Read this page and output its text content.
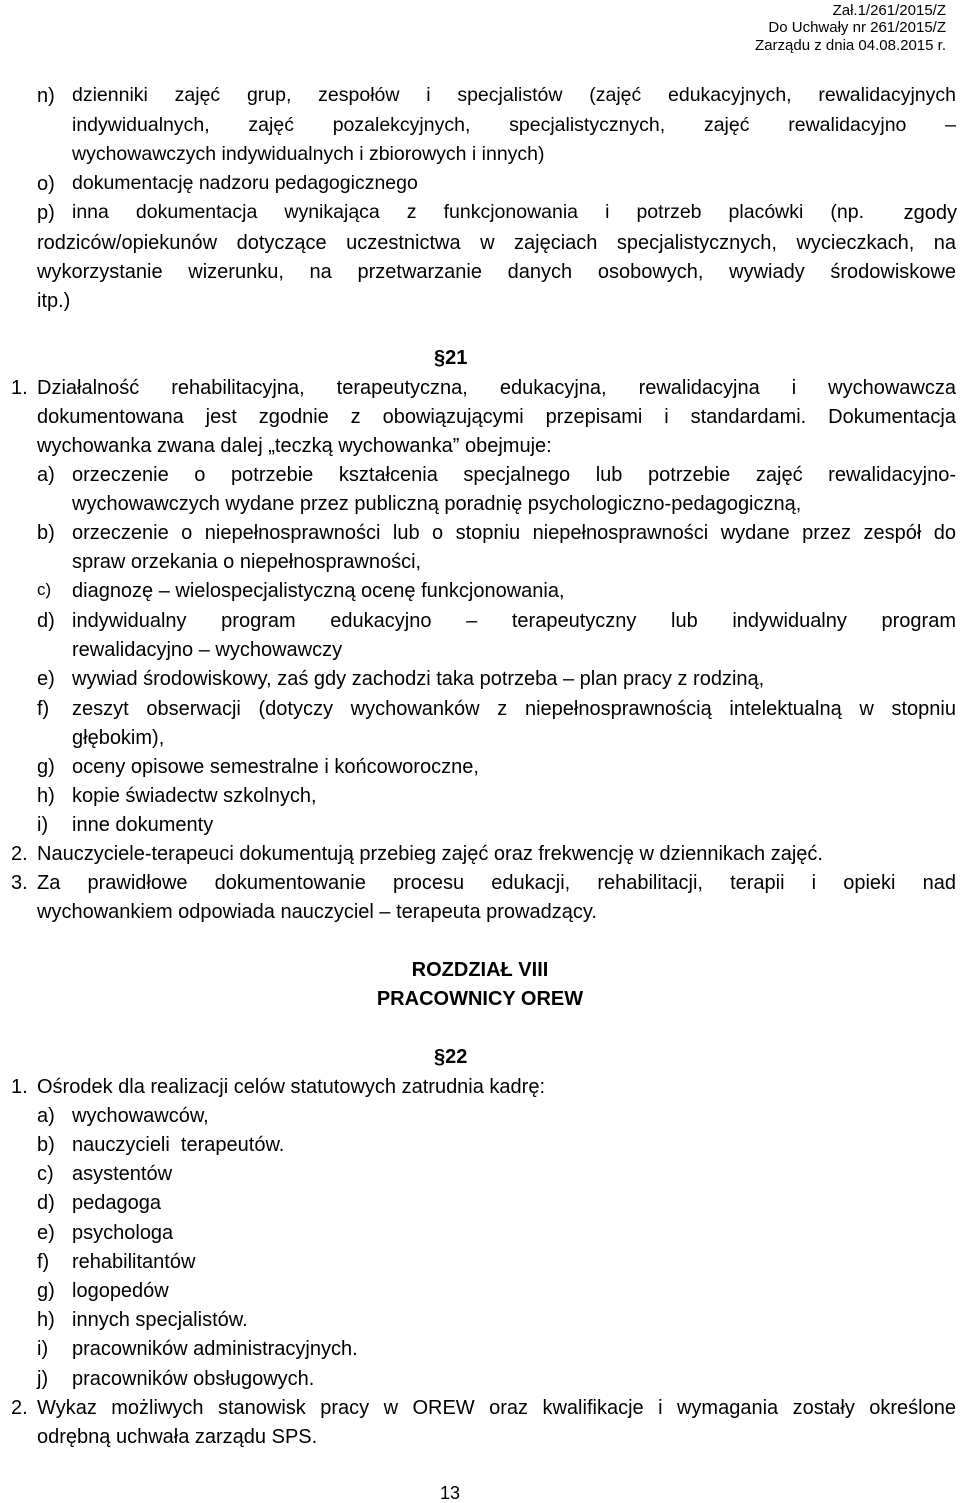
Zał.1/261/2015/Z
Do Uchwały nr 261/2015/Z
Zarządu z dnia 04.08.2015 r.
n) dzienniki zajęć grup, zespołów i specjalistów (zajęć edukacyjnych, rewalidacyjnych
indywidualnych, zajęć pozalekcyjnych, specjalistycznych, zajęć rewalidacyjno –
wychowawczych indywidualnych i zbiorowych i innych)
o) dokumentację nadzoru pedagogicznego
p) inna dokumentacja wynikająca z funkcjonowania i potrzeb placówki (np. zgody
rodziców/opiekunów dotyczące uczestnictwa w zajęciach specjalistycznych, wycieczkach, na
wykorzystanie wizerunku, na przetwarzanie danych osobowych, wywiady środowiskowe
itp.)
§21
1. Działalność rehabilitacyjna, terapeutyczna, edukacyjna, rewalidacyjna i wychowawcza
dokumentowana jest zgodnie z obowiązującymi przepisami i standardami. Dokumentacja
wychowanka zwana dalej „teczką wychowanka” obejmuje:
a) orzeczenie o potrzebie kształcenia specjalnego lub potrzebie zajęć rewalidacyjno-
wychowawczych wydane przez publiczną poradnię psychologiczno-pedagogiczną,
b) orzeczenie o niepełnosprawności lub o stopniu niepełnosprawności wydane przez zespół do
spraw orzekania o niepełnosprawności,
c) diagnozę – wielospecjalistyczną ocenę funkcjonowania,
d) indywidualny program edukacyjno – terapeutyczny lub indywidualny program
rewalidacyjno – wychowawczy
e) wywiad środowiskowy, zaś gdy zachodzi taka potrzeba – plan pracy z rodziną,
f) zeszyt obserwacji (dotyczy wychowanków z niepełnosprawnością intelektualną w stopniu
głębokim),
g) oceny opisowe semestralne i końcoworoczne,
h) kopie świadectw szkolnych,
i) inne dokumenty
2. Nauczyciele-terapeuci dokumentują przebieg zajęć oraz frekwencję w dziennikach zajęć.
3. Za prawidłowe dokumentowanie procesu edukacji, rehabilitacji, terapii i opieki nad
wychowankiem odpowiada nauczyciel – terapeuta prowadzący.
ROZDZIAŁ VIII
PRACOWNICY OREW
§22
1. Ośrodek dla realizacji celów statutowych zatrudnia kadrę:
a) wychowawców,
b) nauczycieli  terapeutów.
c) asystentów
d) pedagoga
e) psychologa
f) rehabilitantów
g) logopedów
h) innych specjalistów.
i) pracowników administracyjnych.
j) pracowników obsługowych.
2. Wykaz możliwych stanowisk pracy w OREW oraz kwalifikacje i wymagania zostały określone
odrębną uchwała zarządu SPS.
13
